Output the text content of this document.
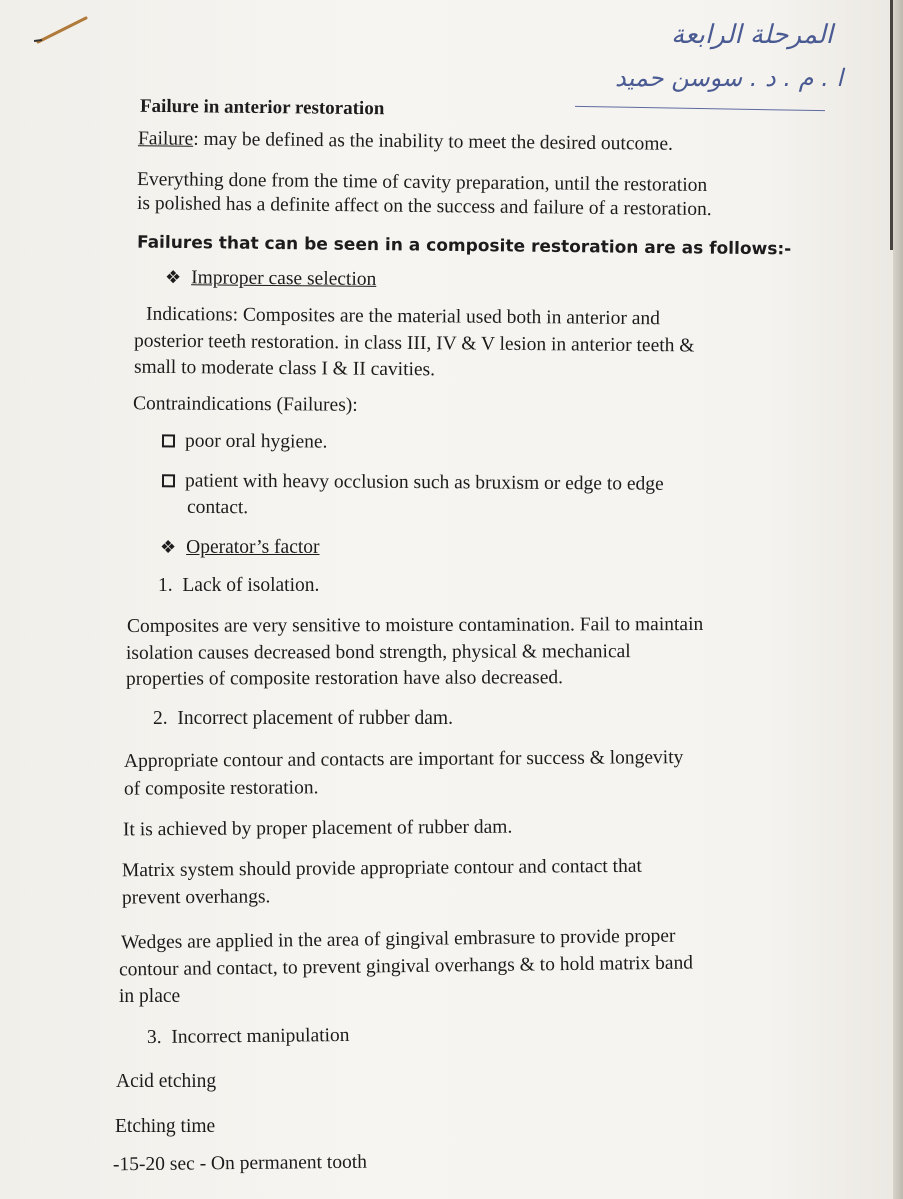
المرحلة الرابعة
ا . م . د . سوسن حميد
Failure in anterior restoration
Failure: may be defined as the inability to meet the desired outcome.
Everything done from the time of cavity preparation, until the restoration
is polished has a definite affect on the success and failure of a restoration.
Failures that can be seen in a composite restoration are as follows:-
❖ Improper case selection
Indications: Composites are the material used both in anterior and
posterior teeth restoration. in class III, IV & V lesion in anterior teeth &
small to moderate class I & II cavities.
Contraindications (Failures):
poor oral hygiene.
patient with heavy occlusion such as bruxism or edge to edge
contact.
❖ Operator’s factor
1. Lack of isolation.
Composites are very sensitive to moisture contamination. Fail to maintain
isolation causes decreased bond strength, physical & mechanical
properties of composite restoration have also decreased.
2. Incorrect placement of rubber dam.
Appropriate contour and contacts are important for success & longevity
of composite restoration.
It is achieved by proper placement of rubber dam.
Matrix system should provide appropriate contour and contact that
prevent overhangs.
Wedges are applied in the area of gingival embrasure to provide proper
contour and contact, to prevent gingival overhangs & to hold matrix band
in place
3. Incorrect manipulation
Acid etching
Etching time
-15-20 sec - On permanent tooth
